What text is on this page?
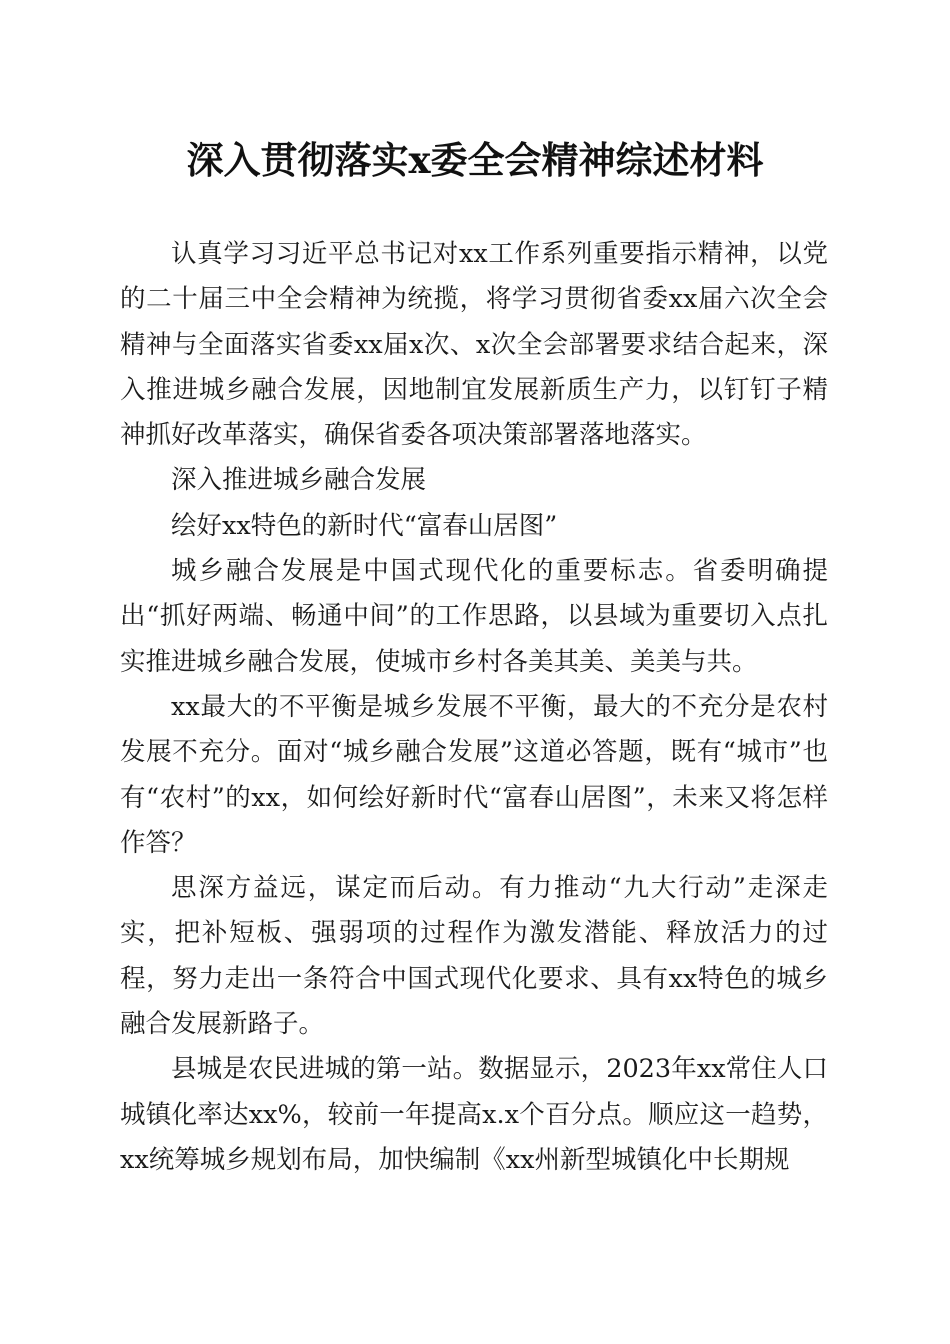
深入贯彻落实x委全会精神综述材料

认真学习习近平总书记对xx工作系列重要指示精神，以党的二十届三中全会精神为统揽，将学习贯彻省委xx届六次全会精神与全面落实省委xx届x次、x次全会部署要求结合起来，深入推进城乡融合发展，因地制宜发展新质生产力，以钉钉子精神抓好改革落实，确保省委各项决策部署落地落实。

深入推进城乡融合发展

绘好xx特色的新时代“富春山居图”

城乡融合发展是中国式现代化的重要标志。省委明确提出“抓好两端、畅通中间”的工作思路，以县域为重要切入点扎实推进城乡融合发展，使城市乡村各美其美、美美与共。

xx最大的不平衡是城乡发展不平衡，最大的不充分是农村发展不充分。面对“城乡融合发展”这道必答题，既有“城市”也有“农村”的xx，如何绘好新时代“富春山居图”，未来又将怎样作答？

思深方益远，谋定而后动。有力推动“九大行动”走深走实，把补短板、强弱项的过程作为激发潜能、释放活力的过程，努力走出一条符合中国式现代化要求、具有xx特色的城乡融合发展新路子。

县城是农民进城的第一站。数据显示，2023年xx常住人口城镇化率达xx%，较前一年提高x.x个百分点。顺应这一趋势，xx统筹城乡规划布局，加快编制《xx州新型城镇化中长期规
